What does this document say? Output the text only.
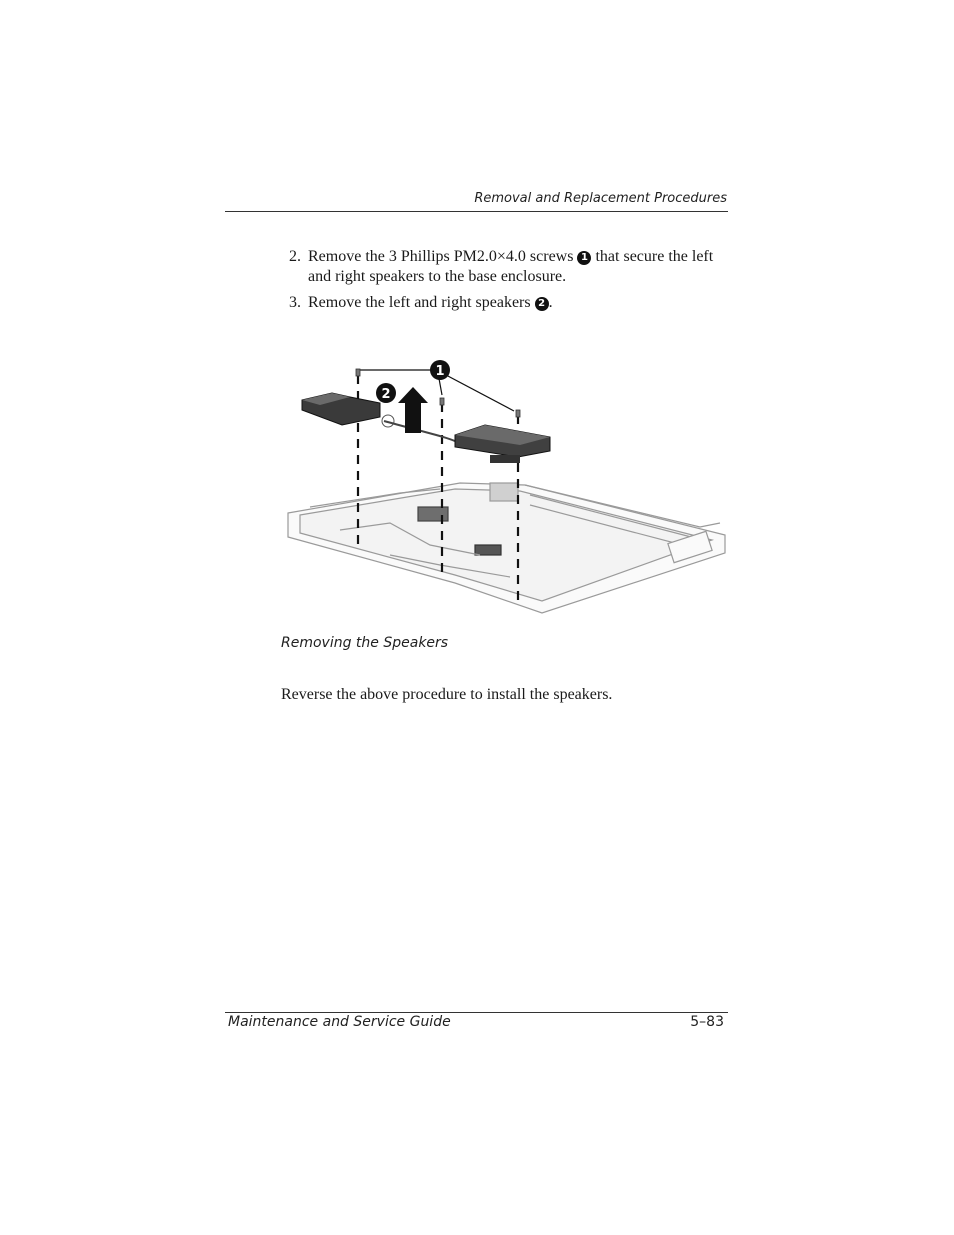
Removal and Replacement Procedures
2. Remove the 3 Phillips PM2.0×4.0 screws 1 that secure the left and right speakers to the base enclosure.
3. Remove the left and right speakers 2 .
1
2
Removing the Speakers
Reverse the above procedure to install the speakers.
Maintenance and Service Guide	5–83
